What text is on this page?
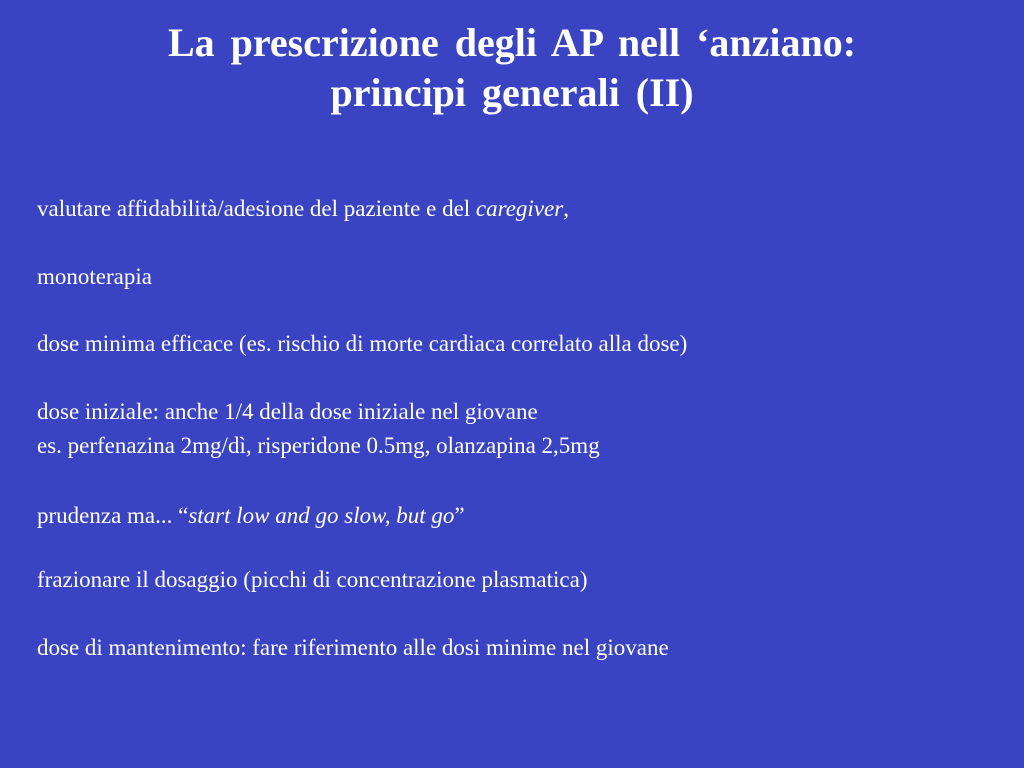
La prescrizione degli AP nell ‘anziano:
principi generali (II)

valutare affidabilità/adesione del paziente e del caregiver,

monoterapia

dose minima efficace (es. rischio di morte cardiaca correlato alla dose)

dose iniziale: anche 1/4 della dose iniziale nel giovane

es. perfenazina 2mg/dì, risperidone 0.5mg, olanzapina 2,5mg

prudenza ma... “start low and go slow, but go”

frazionare il dosaggio (picchi di concentrazione plasmatica)

dose di mantenimento: fare riferimento alle dosi minime nel giovane
